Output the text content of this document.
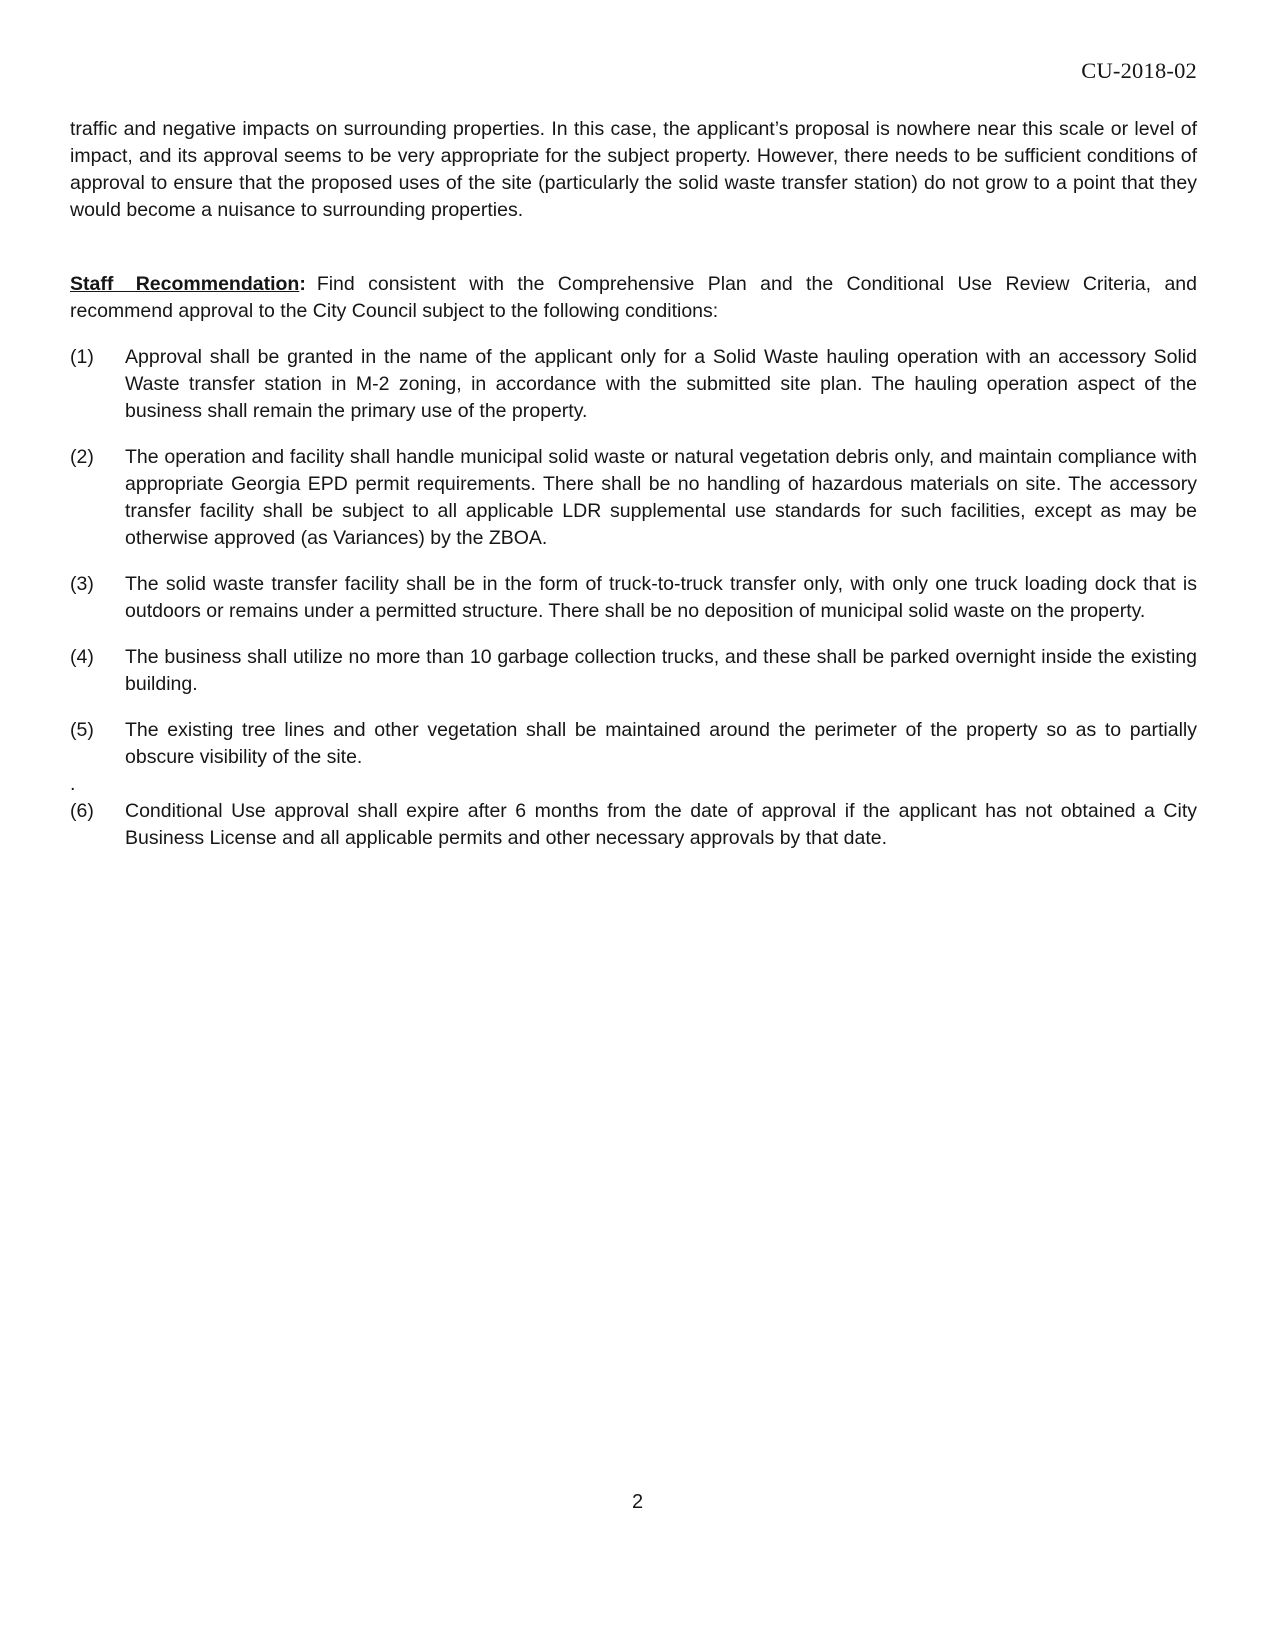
CU-2018-02

traffic and negative impacts on surrounding properties. In this case, the applicant’s proposal is nowhere near this scale or level of impact, and its approval seems to be very appropriate for the subject property. However, there needs to be sufficient conditions of approval to ensure that the proposed uses of the site (particularly the solid waste transfer station) do not grow to a point that they would become a nuisance to surrounding properties.

Staff Recommendation: Find consistent with the Comprehensive Plan and the Conditional Use Review Criteria, and recommend approval to the City Council subject to the following conditions:

(1)	Approval shall be granted in the name of the applicant only for a Solid Waste hauling operation with an accessory Solid Waste transfer station in M-2 zoning, in accordance with the submitted site plan. The hauling operation aspect of the business shall remain the primary use of the property.
(2)	The operation and facility shall handle municipal solid waste or natural vegetation debris only, and maintain compliance with appropriate Georgia EPD permit requirements. There shall be no handling of hazardous materials on site. The accessory transfer facility shall be subject to all applicable LDR supplemental use standards for such facilities, except as may be otherwise approved (as Variances) by the ZBOA.
(3)	The solid waste transfer facility shall be in the form of truck-to-truck transfer only, with only one truck loading dock that is outdoors or remains under a permitted structure. There shall be no deposition of municipal solid waste on the property.
(4)	The business shall utilize no more than 10 garbage collection trucks, and these shall be parked overnight inside the existing building.
(5)	The existing tree lines and other vegetation shall be maintained around the perimeter of the property so as to partially obscure visibility of the site.
.
(6)	Conditional Use approval shall expire after 6 months from the date of approval if the applicant has not obtained a City Business License and all applicable permits and other necessary approvals by that date.
2
